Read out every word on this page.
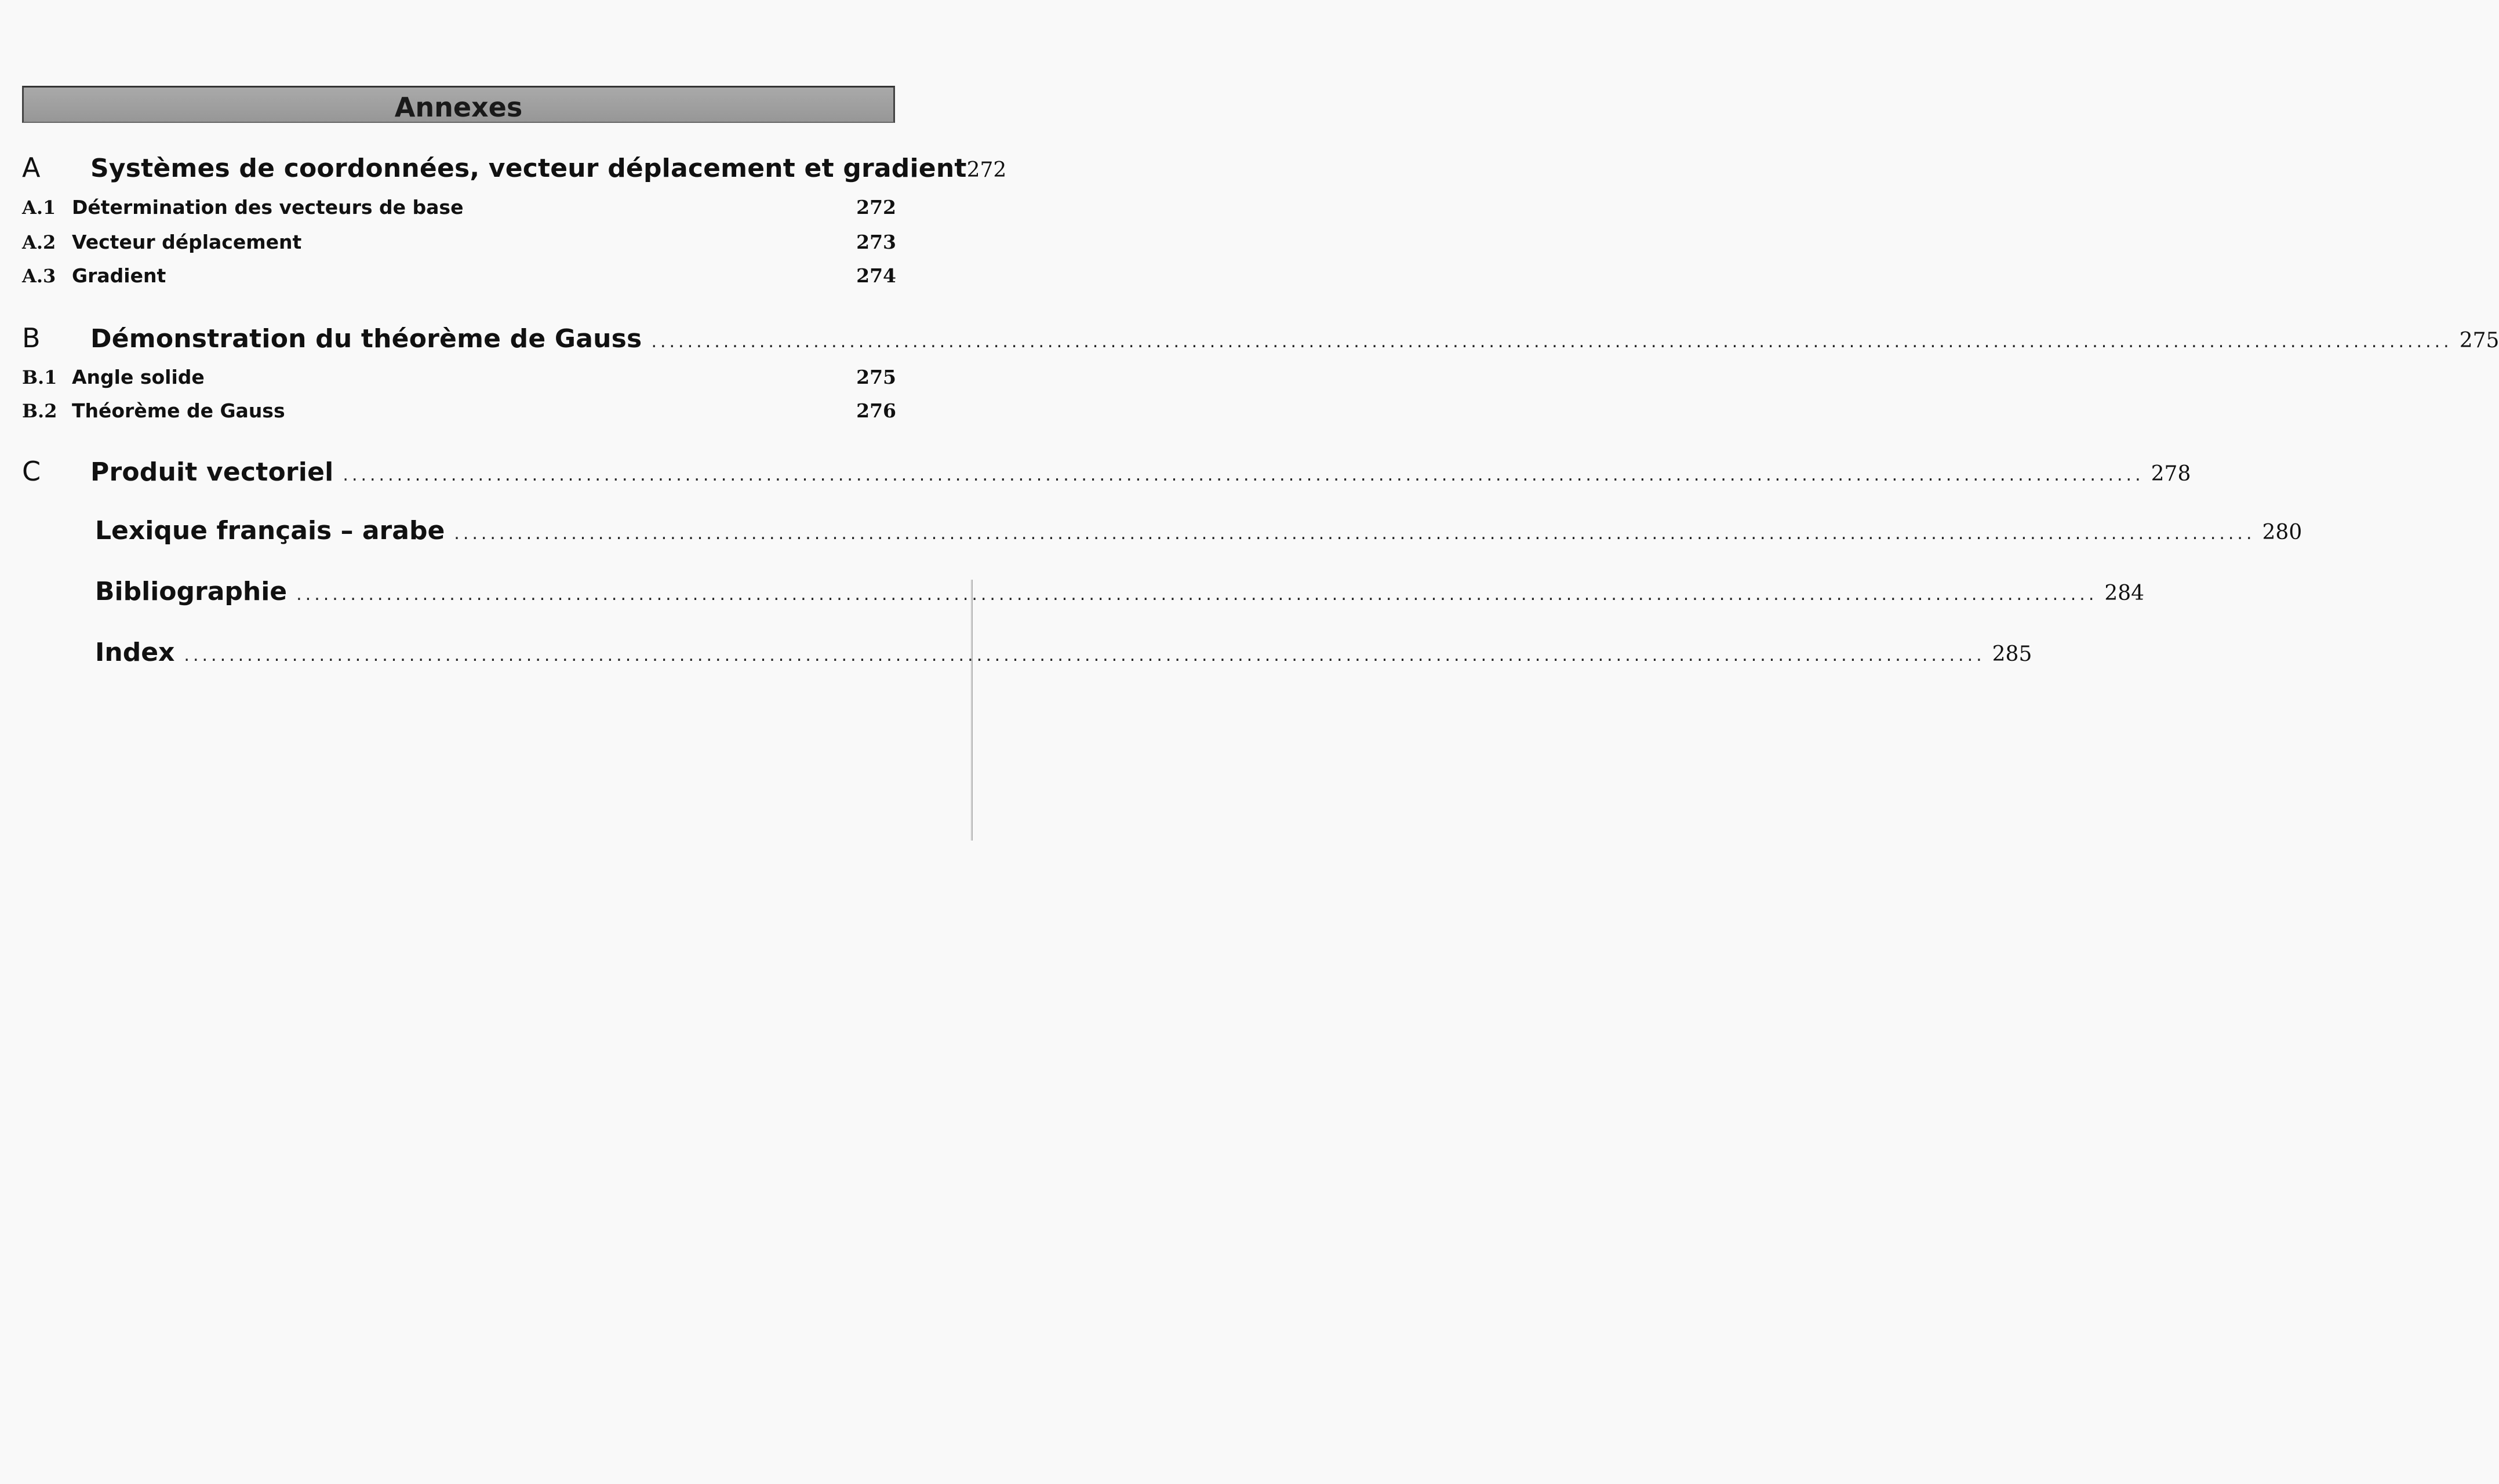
Annexes
A	Systèmes de coordonnées, vecteur déplacement et gradient 272
A.1 Détermination des vecteurs de base	272
A.2 Vecteur déplacement	273
A.3 Gradient	274
B	Démonstration du théorème de Gauss .....	275
B.1 Angle solide	275
B.2 Théorème de Gauss	276
C	Produit vectoriel .....	278
Lexique français – arabe .....	280
Bibliographie .....	284
Index .....	285
